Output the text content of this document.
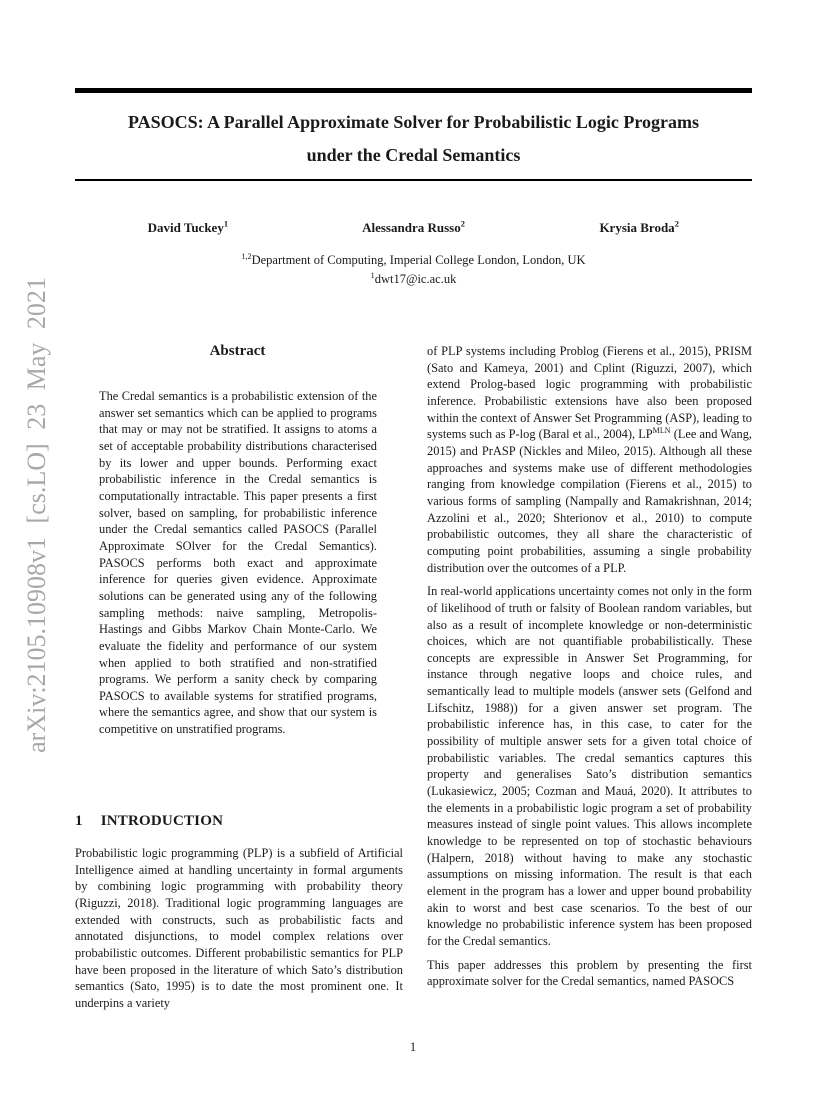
arXiv:2105.10908v1 [cs.LO] 23 May 2021
PASOCS: A Parallel Approximate Solver for Probabilistic Logic Programs
under the Credal Semantics
David Tuckey$^1$	Alessandra Russo$^2$	Krysia Broda$^2$
$^{1,2}$Department of Computing, Imperial College London, London, UK
$^1$dwt17@ic.ac.uk
Abstract
The Credal semantics is a probabilistic extension of the answer set semantics which can be applied to programs that may or may not be stratified. It assigns to atoms a set of acceptable probability distributions characterised by its lower and upper bounds. Performing exact probabilistic inference in the Credal semantics is computationally intractable. This paper presents a first solver, based on sampling, for probabilistic inference under the Credal semantics called PASOCS (Parallel Approximate SOlver for the Credal Semantics). PASOCS performs both exact and approximate inference for queries given evidence. Approximate solutions can be generated using any of the following sampling methods: naive sampling, Metropolis-Hastings and Gibbs Markov Chain Monte-Carlo. We evaluate the fidelity and performance of our system when applied to both stratified and non-stratified programs. We perform a sanity check by comparing PASOCS to available systems for stratified programs, where the semantics agree, and show that our system is competitive on unstratified programs.
1 INTRODUCTION
Probabilistic logic programming (PLP) is a subfield of Artificial Intelligence aimed at handling uncertainty in formal arguments by combining logic programming with probability theory (Riguzzi, 2018). Traditional logic programming languages are extended with constructs, such as probabilistic facts and annotated disjunctions, to model complex relations over probabilistic outcomes. Different probabilistic semantics for PLP have been proposed in the literature of which Sato’s distribution semantics (Sato, 1995) is to date the most prominent one. It underpins a variety

of PLP systems including Problog (Fierens et al., 2015), PRISM (Sato and Kameya, 2001) and Cplint (Riguzzi, 2007), which extend Prolog-based logic programming with probabilistic inference. Probabilistic extensions have also been proposed within the context of Answer Set Programming (ASP), leading to systems such as P-log (Baral et al., 2004), $LP^{MLN}$ (Lee and Wang, 2015) and PrASP (Nickles and Mileo, 2015). Although all these approaches and systems make use of different methodologies ranging from knowledge compilation (Fierens et al., 2015) to various forms of sampling (Nampally and Ramakrishnan, 2014; Azzolini et al., 2020; Shterionov et al., 2010) to compute probabilistic outcomes, they all share the characteristic of computing point probabilities, assuming a single probability distribution over the outcomes of a PLP.

In real-world applications uncertainty comes not only in the form of likelihood of truth or falsity of Boolean random variables, but also as a result of incomplete knowledge or non-deterministic choices, which are not quantifiable probabilistically. These concepts are expressible in Answer Set Programming, for instance through negative loops and choice rules, and semantically lead to multiple models (answer sets (Gelfond and Lifschitz, 1988)) for a given answer set program. The probabilistic inference has, in this case, to cater for the possibility of multiple answer sets for a given total choice of probabilistic variables. The credal semantics captures this property and generalises Sato’s distribution semantics (Lukasiewicz, 2005; Cozman and Mauá, 2020). It attributes to the elements in a probabilistic logic program a set of probability measures instead of single point values. This allows incomplete knowledge to be represented on top of stochastic behaviours (Halpern, 2018) without having to make any stochastic assumptions on missing information. The result is that each element in the program has a lower and upper bound probability akin to worst and best case scenarios. To the best of our knowledge no probabilistic inference system has been proposed for the Credal semantics.

This paper addresses this problem by presenting the first approximate solver for the Credal semantics, named PASOCS

1
